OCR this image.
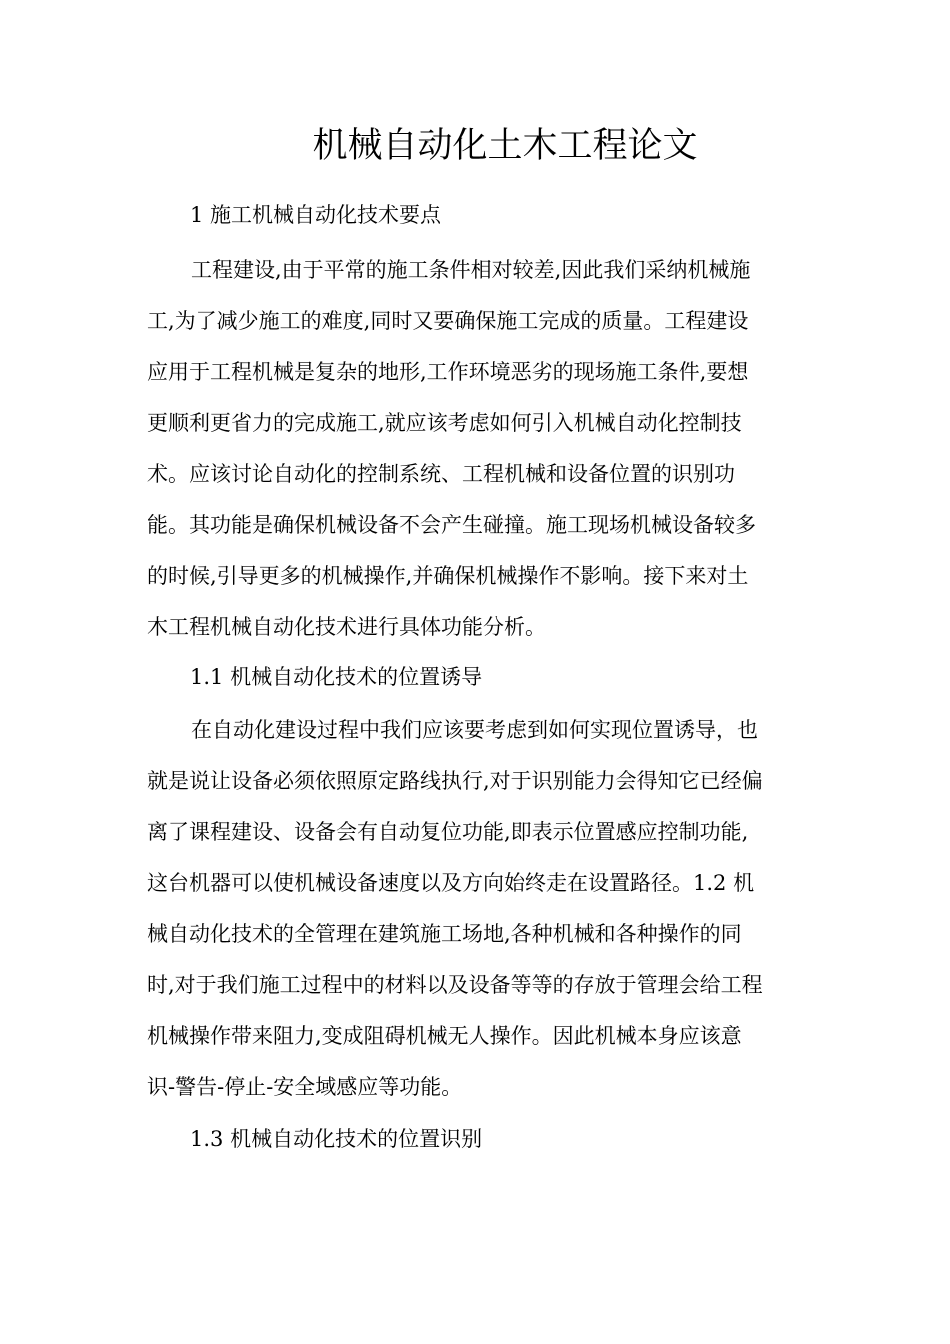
机械自动化土木工程论文
1 施工机械自动化技术要点
工程建设,由于平常的施工条件相对较差,因此我们采纳机械施
工,为了减少施工的难度,同时又要确保施工完成的质量。工程建设
应用于工程机械是复杂的地形,工作环境恶劣的现场施工条件,要想
更顺利更省力的完成施工,就应该考虑如何引入机械自动化控制技
术。应该讨论自动化的控制系统、工程机械和设备位置的识别功
能。其功能是确保机械设备不会产生碰撞。施工现场机械设备较多
的时候,引导更多的机械操作,并确保机械操作不影响。接下来对土
木工程机械自动化技术进行具体功能分析。
1.1 机械自动化技术的位置诱导
在自动化建设过程中我们应该要考虑到如何实现位置诱导，也
就是说让设备必须依照原定路线执行,对于识别能力会得知它已经偏
离了课程建设、设备会有自动复位功能,即表示位置感应控制功能,
这台机器可以使机械设备速度以及方向始终走在设置路径。1.2 机
械自动化技术的全管理在建筑施工场地,各种机械和各种操作的同
时,对于我们施工过程中的材料以及设备等等的存放于管理会给工程
机械操作带来阻力,变成阻碍机械无人操作。因此机械本身应该意
识-警告-停止-安全域感应等功能。
1.3 机械自动化技术的位置识别
